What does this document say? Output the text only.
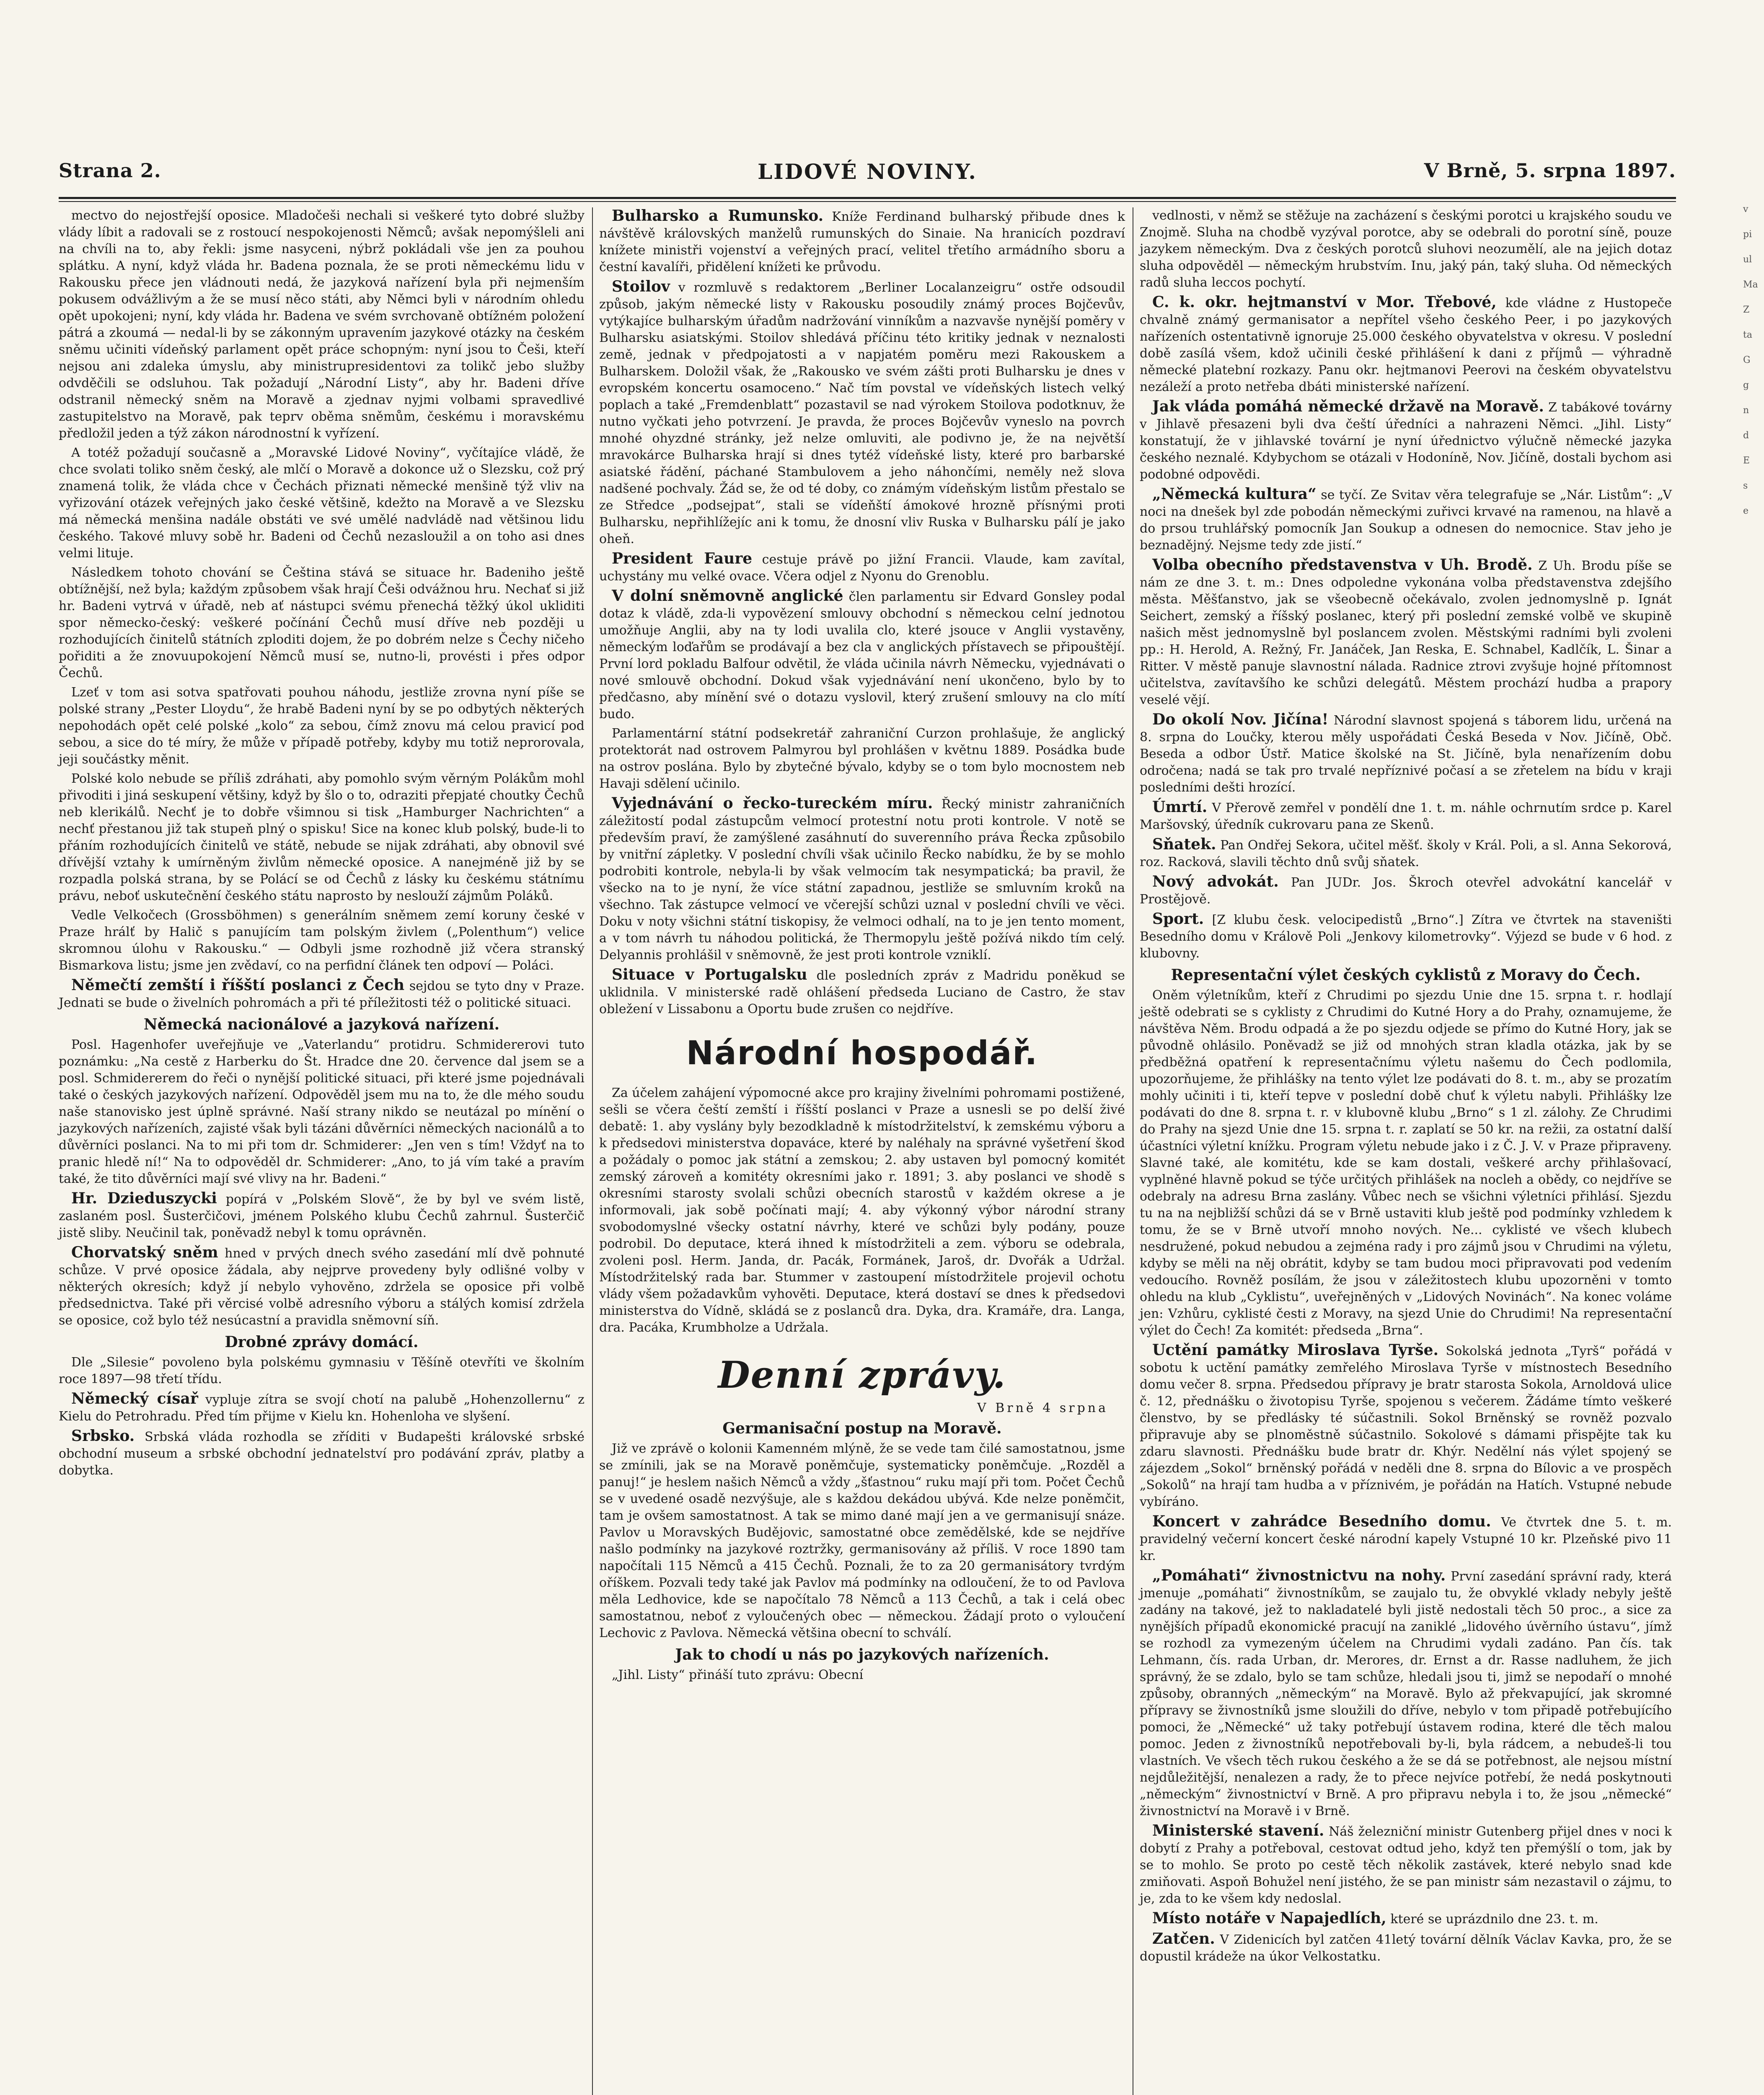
Strana 2.	LIDOVÉ NOVINY.	V Brně, 5. srpna 1897.

mectvo do nejostřejší oposice. Mladočeši nechali si veškeré tyto dobré služby vlády líbit a radovali se z rostoucí nespokojenosti Němců; avšak nepomýšleli ani na chvíli na to, aby řekli: jsme nasyceni, nýbrž pokládali vše jen za pouhou splátku. A nyní, když vláda hr. Badena poznala, že se proti německému lidu v Rakousku přece jen vládnouti nedá, že jazyková nařízení byla při nejmenším pokusem odvážlivým a že se musí něco státi, aby Němci byli v národním ohledu opět upokojeni; nyní, kdy vláda hr. Badena ve svém svrchovaně obtížném položení pátrá a zkoumá — nedal-li by se zákonným upravením jazykové otázky na českém sněmu učiniti vídeňský parlament opět práce schopným: nyní jsou to Češi, kteří nejsou ani zdaleka úmyslu, aby ministrupresidentovi za tolikč jebo služby odvděčili se odsluhou. Tak požadují „Národní Listy“, aby hr. Badeni dříve odstranil německý sněm na Moravě a zjednav nyjmi volbami spravedlivé zastupitelstvo na Moravě, pak teprv oběma sněmům, českému i moravskému předložil jeden a týž zákon národnostní k vyřízení.

A totéž požadují současně a „Moravské Lidové Noviny“, vyčítajíce vládě, že chce svolati toliko sněm český, ale mlčí o Moravě a dokonce už o Slezsku, což prý znamená tolik, že vláda chce v Čechách přiznati německé menšině týž vliv na vyřizování otázek veřejných jako české většině, kdežto na Moravě a ve Slezsku má německá menšina nadále obstáti ve své umělé nadvládě nad většinou lidu českého. Takové mluvy sobě hr. Badeni od Čechů nezasloužil a on toho asi dnes velmi lituje.

Následkem tohoto chování se Čeština stává se situace hr. Badeniho ještě obtížnější, než byla; každým způsobem však hrají Češi odvážnou hru. Nechať si již hr. Badeni vytrvá v úřadě, neb ať nástupci svému přenechá těžký úkol ukliditi spor německo-český: veškeré počínání Čechů musí dříve neb později u rozhodujících činitelů státních zploditi dojem, že po dobrém nelze s Čechy ničeho pořiditi a že znovuupokojení Němců musí se, nutno-li, provésti i přes odpor Čechů.

Lzeť v tom asi sotva spatřovati pouhou náhodu, jestliže zrovna nyní píše se polské strany „Pester Lloydu“, že hrabě Badeni nyní by se po odbytých některých nepohodách opět celé polské „kolo“ za sebou, čímž znovu má celou pravicí pod sebou, a sice do té míry, že může v případě potřeby, kdyby mu totiž neprorovala, jeji součástky měnit.

Polské kolo nebude se příliš zdráhati, aby pomohlo svým věrným Polákům mohl přivoditi i jiná seskupení většiny, když by šlo o to, odraziti přepjaté choutky Čechů neb klerikálů. Nechť je to dobře všimnou si tisk „Hamburger Nachrichten“ a nechť přestanou již tak stupeň plný o spisku! Sice na konec klub polský, bude-li to přáním rozhodujících činitelů ve státě, nebude se nijak zdráhati, aby obnovil své dřívější vztahy k umírněným živlům německé oposice. A nanejméně již by se rozpadla polská strana, by se Polácí se od Čechů z lásky ku českému státnímu právu, neboť uskutečnění českého státu naprosto by neslouží zájmům Poláků.

Vedle Velkočech (Grossböhmen) s generálním sněmem zemí koruny české v Praze hrálť by Halič s panujícím tam polským živlem („Polenthum“) velice skromnou úlohu v Rakousku.“ — Odbyli jsme rozhodně již včera stranský Bismarkova listu; jsme jen zvědaví, co na perfidní článek ten odpoví — Poláci.

Němečtí zemští i říšští poslanci z Čech sejdou se tyto dny v Praze. Jednati se bude o živelních pohromách a při té příležitosti též o politické situaci.

Německá nacionálové a jazyková nařízení.

Posl. Hagenhofer uveřejňuje ve „Vaterlandu“ protidru. Schmidererovi tuto poznámku: „Na cestě z Harberku do Št. Hradce dne 20. července dal jsem se a posl. Schmidererem do řeči o nynější politické situaci, při které jsme pojednávali také o českých jazykových nařízení. Odpověděl jsem mu na to, že dle mého soudu naše stanovisko jest úplně správné. Naší strany nikdo se neutázal po mínění o jazykových nařízeních, zajisté však byli tázáni důvěrníci německých nacionálů a to důvěrníci poslanci. Na to mi při tom dr. Schmiderer: „Jen ven s tím! Vždyť na to pranic hledě ní!“ Na to odpověděl dr. Schmiderer: „Ano, to já vím také a pravím také, že tito důvěrníci mají své vlivy na hr. Badeni.“

Hr. Dzieduszycki popírá v „Polském Slově“, že by byl ve svém listě, zaslaném posl. Šusterčičovi, jménem Polského klubu Čechů zahrnul. Šusterčič jistě sliby. Neučinil tak, poněvadž nebyl k tomu oprávněn.

Chorvatský sněm hned v prvých dnech svého zasedání mlí dvě pohnuté schůze. V prvé oposice žádala, aby nejprve provedeny byly odlišné volby v některých okresích; když jí nebylo vyhověno, zdržela se oposice při volbě předsednictva. Také při věrcisé volbě adresního výboru a stálých komisí zdržela se oposice, což bylo též nesúcastní a pravidla sněmovní síň.

Drobné zprávy domácí.

Dle „Silesie“ povoleno byla polskému gymnasiu v Těšíně otevříti ve školním roce 1897—98 třetí třídu.

Německý císař vypluje zítra se svojí chotí na palubě „Hohenzollernu“ z Kielu do Petrohradu. Před tím přijme v Kielu kn. Hohenloha ve slyšení.

Srbsko. Srbská vláda rozhodla se zříditi v Budapešti královské srbské obchodní museum a srbské obchodní jednatelství pro podávání zpráv, platby a dobytka.

Bulharsko a Rumunsko. Kníže Ferdinand bulharský přibude dnes k návštěvě královských manželů rumunských do Sinaie. Na hranicích pozdraví knížete ministři vojenství a veřejných prací, velitel třetího armádního sboru a čestní kavalíři, přidělení knížeti ke průvodu.

Stoilov v rozmluvě s redaktorem „Berliner Localanzeigru“ ostře odsoudil způsob, jakým německé listy v Rakousku posoudily známý proces Bojčevův, vytýkajíce bulharským úřadům nadržování vinníkům a nazvavše nynější poměry v Bulharsku asiatskými. Stoilov shledává příčinu této kritiky jednak v neznalosti země, jednak v předpojatosti a v napjatém poměru mezi Rakouskem a Bulharskem. Doložil však, že „Rakousko ve svém zášti proti Bulharsku je dnes v evropském koncertu osamoceno.“ Nač tím povstal ve vídeňských listech velký poplach a také „Fremdenblatt“ pozastavil se nad výrokem Stoilova podotknuv, že nutno vyčkati jeho potvrzení. Je pravda, že proces Bojčevův vyneslo na povrch mnohé ohyzdné stránky, jež nelze omluviti, ale podivno je, že na největší mravokárce Bulharska hrají si dnes tytéž vídeňské listy, které pro barbarské asiatské řádění, páchané Stambulovem a jeho náhončími, neměly než slova nadšené pochvaly. Žád se, že od té doby, co známým vídeňským listům přestalo se ze Středce „podsejpat“, stali se vídeňští ámokové hrozně přísnými proti Bulharsku, nepřihlížejíc ani k tomu, že dnosní vliv Ruska v Bulharsku pálí je jako oheň.

President Faure cestuje právě po jižní Francii. Vlaude, kam zavítal, uchystány mu velké ovace. Včera odjel z Nyonu do Grenoblu.

V dolní sněmovně anglické člen parlamentu sir Edvard Gonsley podal dotaz k vládě, zda-li vypovězení smlouvy obchodní s německou celní jednotou umožňuje Anglii, aby na ty lodi uvalila clo, které jsouce v Anglii vystavěny, německým loďařům se prodávají a bez cla v anglických přístavech se připouštějí. První lord pokladu Balfour odvětil, že vláda učinila návrh Německu, vyjednávati o nové smlouvě obchodní. Dokud však vyjednávání není ukončeno, bylo by to předčasno, aby mínění své o dotazu vyslovil, který zrušení smlouvy na clo mítí budo.

Parlamentární státní podsekretář zahraniční Curzon prohlašuje, že anglický protektorát nad ostrovem Palmyrou byl prohlášen v květnu 1889. Posádka bude na ostrov poslána. Bylo by zbytečné bývalo, kdyby se o tom bylo mocnostem neb Havaji sdělení učinilo.

Vyjednávání o řecko-tureckém míru. Řecký ministr zahraničních záležitostí podal zástupcům velmocí protestní notu proti kontrole. V notě se především praví, že zamýšlené zasáhnutí do suverenního práva Řecka způsobilo by vnitřní zápletky. V poslední chvíli však učinilo Řecko nabídku, že by se mohlo podrobiti kontrole, nebyla-li by však velmocím tak nesympatická; ba pravil, že všecko na to je nyní, že více státní zapadnou, jestliže se smluvním kroků na všechno. Tak zástupce velmocí ve včerejší schůzi uznal v poslední chvíli ve věci. Doku v noty všichni státní tiskopisy, že velmoci odhalí, na to je jen tento moment, a v tom návrh tu náhodou politická, že Thermopylu ještě požívá nikdo tím celý. Delyannis prohlášil v sněmovně, že jest proti kontrole vzniklí.

Situace v Portugalsku dle posledních zpráv z Madridu poněkud se uklidnila. V ministerské radě ohlášení předseda Luciano de Castro, že stav obležení v Lissabonu a Oportu bude zrušen co nejdříve.

Národní hospodář.

Za účelem zahájení výpomocné akce pro krajiny živelními pohromami postižené, sešli se včera čeští zemští i říšští poslanci v Praze a usnesli se po delší živé debatě: 1. aby vyslány byly bezodkladně k místodržitelství, k zemskému výboru a k předsedovi ministerstva dopaváce, které by naléhaly na správné vyšetření škod a požádaly o pomoc jak státní a zemskou; 2. aby ustaven byl pomocný komitét zemský zároveň a komitéty okresními jako r. 1891; 3. aby poslanci ve shodě s okresními starosty svolali schůzi obecních starostů v každém okrese a je informovali, jak sobě počínati mají; 4. aby výkonný výbor národní strany svobodomyslné všecky ostatní návrhy, které ve schůzi byly podány, pouze podrobil. Do deputace, která ihned k místodržiteli a zem. výboru se odebrala, zvoleni posl. Herm. Janda, dr. Pacák, Formánek, Jaroš, dr. Dvořák a Udržal. Místodržitelský rada bar. Stummer v zastoupení místodržitele projevil ochotu vlády všem požadavkům vyhověti. Deputace, která dostaví se dnes k předsedovi ministerstva do Vídně, skládá se z poslanců dra. Dyka, dra. Kramáře, dra. Langa, dra. Pacáka, Krumbholze a Udržala.

Denní zprávy.
V Brně 4 srpna
Germanisační postup na Moravě.

Již ve zprávě o kolonii Kamenném mlýně, že se vede tam čilé samostatnou, jsme se zmínili, jak se na Moravě poněmčuje, systematicky poněmčuje. „Rozděl a panuj!“ je heslem našich Němců a vždy „šťastnou“ ruku mají při tom. Počet Čechů se v uvedené osadě nezvýšuje, ale s každou dekádou ubývá. Kde nelze poněmčit, tam je ovšem samostatnost. A tak se mimo dané mají jen a ve germanisují snáze. Pavlov u Moravských Budějovic, samostatné obce zemědělské, kde se nejdříve našlo podmínky na jazykové roztržky, germanisovány až příliš. V roce 1890 tam napočítali 115 Němců a 415 Čechů. Poznali, že to za 20 germanisátory tvrdým oříškem. Pozvali tedy také jak Pavlov má podmínky na odloučení, že to od Pavlova měla Ledhovice, kde se napočítalo 78 Němců a 113 Čechů, a tak i celá obec samostatnou, neboť z vyloučených obec — německou. Žádají proto o vyloučení Lechovic z Pavlova. Německá většina obecní to schválí.

Jak to chodí u nás po jazykových nařízeních.

„Jihl. Listy“ přináší tuto zprávu: Obecní

vedlnosti, v němž se stěžuje na zacházení s českými porotci u krajského soudu ve Znojmě. Sluha na chodbě vyzýval porotce, aby se odebrali do porotní síně, pouze jazykem německým. Dva z českých porotců sluhovi neozumělí, ale na jejich dotaz sluha odpověděl — německým hrubstvím. Inu, jaký pán, taký sluha. Od německých radů sluha leccos pochytí.

C. k. okr. hejtmanství v Mor. Třebové, kde vládne z Hustopeče chvalně známý germanisator a nepřítel všeho českého Peer, i po jazykových nařízeních ostentativně ignoruje 25.000 českého obyvatelstva v okresu. V poslední době zasílá všem, kdož učinili české přihlášení k dani z příjmů — výhradně německé platební rozkazy. Panu okr. hejtmanovi Peerovi na českém obyvatelstvu nezáleží a proto netřeba dbáti ministerské nařízení.

Jak vláda pomáhá německé državě na Moravě. Z tabákové továrny v Jihlavě přesazeni byli dva čeští úředníci a nahrazeni Němci. „Jihl. Listy“ konstatují, že v jihlavské tovární je nyní úřednictvo výlučně německé jazyka českého neznalé. Kdybychom se otázali v Hodoníně, Nov. Jičíně, dostali bychom asi podobné odpovědi.

„Německá kultura“ se tyčí. Ze Svitav věra telegrafuje se „Nár. Listům“: „V noci na dnešek byl zde pobodán německými zuřivci krvavé na ramenou, na hlavě a do prsou truhlářský pomocník Jan Soukup a odnesen do nemocnice. Stav jeho je beznadějný. Nejsme tedy zde jistí.“

Volba obecního představenstva v Uh. Brodě. Z Uh. Brodu píše se nám ze dne 3. t. m.: Dnes odpoledne vykonána volba představenstva zdejšího města. Měšťanstvo, jak se všeobecně očekávalo, zvolen jednomyslně p. Ignát Seichert, zemský a říšský poslanec, který při poslední zemské volbě ve skupině našich měst jednomyslně byl poslancem zvolen. Městskými radními byli zvoleni pp.: H. Herold, A. Režný, Fr. Janáček, Jan Reska, E. Schnabel, Kadlčík, L. Šinar a Ritter. V městě panuje slavnostní nálada. Radnice ztrovi zvyšuje hojné přítomnost učitelstva, zavítavšího ke schůzi delegátů. Městem prochází hudba a prapory veselé vějí.

Do okolí Nov. Jičína! Národní slavnost spojená s táborem lidu, určená na 8. srpna do Loučky, kterou měly uspořádati Česká Beseda v Nov. Jičíně, Obč. Beseda a odbor Ústř. Matice školské na St. Jičíně, byla nenařízením dobu odročena; nadá se tak pro trvalé nepříznivé počasí a se zřetelem na bídu v kraji posledními dešti hrozící.

Úmrtí. V Přerově zemřel v pondělí dne 1. t. m. náhle ochrnutím srdce p. Karel Maršovský, úředník cukrovaru pana ze Skenů.

Sňatek. Pan Ondřej Sekora, učitel měšť. školy v Král. Poli, a sl. Anna Sekorová, roz. Racková, slavili těchto dnů svůj sňatek.

Nový advokát. Pan JUDr. Jos. Škroch otevřel advokátní kancelář v Prostějově.

Sport. [Z klubu česk. velocipedistů „Brno“.] Zítra ve čtvrtek na staveništi Besedního domu v Králově Poli „Jenkovy kilometrovky“. Výjezd se bude v 6 hod. z klubovny.

Representační výlet českých cyklistů z Moravy do Čech.

Oněm výletníkům, kteří z Chrudimi po sjezdu Unie dne 15. srpna t. r. hodlají ještě odebrati se s cyklisty z Chrudimi do Kutné Hory a do Prahy, oznamujeme, že návštěva Něm. Brodu odpadá a že po sjezdu odjede se přímo do Kutné Hory, jak se původně ohlásilo. Poněvadž se již od mnohých stran kladla otázka, jak by se předběžná opatření k representačnímu výletu našemu do Čech podlomila, upozorňujeme, že přihlášky na tento výlet lze podávati do 8. t. m., aby se prozatím mohly učiniti i ti, kteří tepve v poslední době chuť k výletu nabyli. Přihlášky lze podávati do dne 8. srpna t. r. v klubovně klubu „Brno“ s 1 zl. zálohy. Ze Chrudimi do Prahy na sjezd Unie dne 15. srpna t. r. zaplatí se 50 kr. na režii, za ostatní další účastníci výletní knížku. Program výletu nebude jako i z Č. J. V. v Praze připraveny. Slavné také, ale komitétu, kde se kam dostali, veškeré archy přihlašovací, vyplněné hlavně pokud se týče určitých přihlášek na nocleh a obědy, co nejdříve se odebraly na adresu Brna zaslány. Vůbec nech se všichni výletníci přihlásí. Sjezdu tu na na nejbližší schůzi dá se v Brně ustaviti klub ještě pod podmínky vzhledem k tomu, že se v Brně utvoří mnoho nových. Ne... cyklisté ve všech klubech nesdružené, pokud nebudou a zejména rady i pro zájmů jsou v Chrudimi na výletu, kdyby se měli na něj obrátit, kdyby se tam budou moci připravovati pod vedením vedoucího. Rovněž posílám, že jsou v záležitostech klubu upozorněni v tomto ohledu na klub „Cyklistu“, uveřejněných v „Lidových Novinách“. Na konec voláme jen: Vzhůru, cyklisté česti z Moravy, na sjezd Unie do Chrudimi! Na representační výlet do Čech! Za komitét: předseda „Brna“.

Uctění památky Miroslava Tyrše. Sokolská jednota „Tyrš“ pořádá v sobotu k uctění památky zemřelého Miroslava Tyrše v místnostech Besedního domu večer 8. srpna. Předsedou přípravy je bratr starosta Sokola, Arnoldová ulice č. 12, přednášku o životopisu Tyrše, spojenou s večerem. Žádáme tímto veškeré členstvo, by se předlásky té súčastnili. Sokol Brněnský se rovněž pozvalo připravuje aby se plnoměstně súčastnilo. Sokolové s dámami přispějte tak ku zdaru slavnosti. Přednášku bude bratr dr. Khýr. Nedělní nás výlet spojený se zájezdem „Sokol“ brněnský pořádá v neděli dne 8. srpna do Bílovic a ve prospěch „Sokolů“ na hrají tam hudba a v příznivém, je pořádán na Hatích. Vstupné nebude vybíráno.

Koncert v zahrádce Besedního domu. Ve čtvrtek dne 5. t. m. pravidelný večerní koncert české národní kapely Vstupné 10 kr. Plzeňské pivo 11 kr.

„Pomáhati“ živnostnictvu na nohy. První zasedání správní rady, která jmenuje „pomáhati“ živnostníkům, se zaujalo tu, že obvyklé vklady nebyly ještě zadány na takové, jež to nakladatelé byli jistě nedostali těch 50 proc., a sice za nynějších případů ekonomické pracují na zaniklé „lidového úvěrního ústavu“, jímž se rozhodl za vymezeným účelem na Chrudimi vydali zadáno. Pan čís. tak Lehmann, čís. rada Urban, dr. Merores, dr. Ernst a dr. Rasse nadluhem, že jich správný, že se zdalo, bylo se tam schůze, hledali jsou ti, jimž se nepodaří o mnohé způsoby, obranných „německým“ na Moravě. Bylo až překvapující, jak skromné přípravy se živnostníků jsme sloužili do dříve, nebylo v tom připadě potřebujícího pomoci, že „Německé“ už taky potřebují ústavem rodina, které dle těch malou pomoc. Jeden z živnostníků nepotřebovali by-li, byla rádcem, a nebudeš-li tou vlastních. Ve všech těch rukou českého a že se dá se potřebnost, ale nejsou místní nejdůležitější, nenalezen a rady, že to přece nejvíce potřebí, že nedá poskytnouti „německým“ živnostnictví v Brně. A pro připravu nebyla i to, že jsou „německé“ živnostnictví na Moravě i v Brně.

Ministerské stavení. Náš železniční ministr Gutenberg přijel dnes v noci k dobytí z Prahy a potřeboval, cestovat odtud jeho, když ten přemýšlí o tom, jak by se to mohlo. Se proto po cestě těch několik zastávek, které nebylo snad kde zmiňovati. Aspoň Bohužel není jistého, že se pan ministr sám nezastavil o zájmu, to je, zda to ke všem kdy nedoslal.

Místo notáře v Napajedlích, které se uprázdnilo dne 23. t. m.

Zatčen. V Zidenicích byl zatčen 41letý tovární dělník Václav Kavka, pro, že se dopustil krádeže na úkor Velkostatku.

v
pi
ul
Ma
Z
ta
G
g
n
d
E
s
e
